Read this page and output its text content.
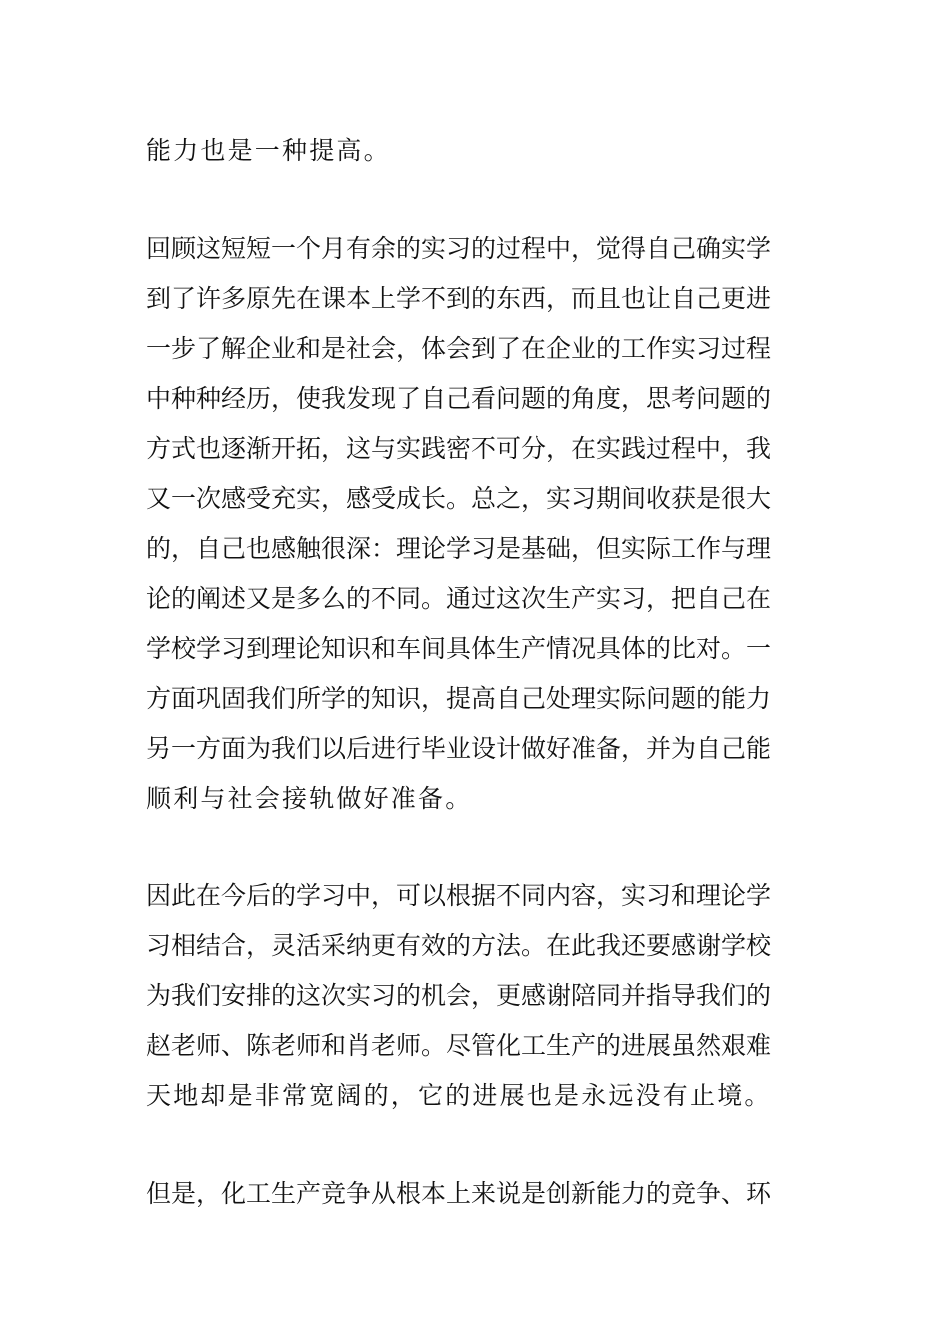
能力也是一种提高。
回顾这短短一个月有余的实习的过程中，觉得自己确实学
到了许多原先在课本上学不到的东西，而且也让自己更进
一步了解企业和是社会，体会到了在企业的工作实习过程
中种种经历，使我发现了自己看问题的角度，思考问题的
方式也逐渐开拓，这与实践密不可分，在实践过程中，我
又一次感受充实，感受成长。总之，实习期间收获是很大
的，自己也感触很深：理论学习是基础，但实际工作与理
论的阐述又是多么的不同。通过这次生产实习，把自己在
学校学习到理论知识和车间具体生产情况具体的比对。一
方面巩固我们所学的知识，提高自己处理实际问题的能力
另一方面为我们以后进行毕业设计做好准备，并为自己能
顺利与社会接轨做好准备。
因此在今后的学习中，可以根据不同内容，实习和理论学
习相结合，灵活采纳更有效的方法。在此我还要感谢学校
为我们安排的这次实习的机会，更感谢陪同并指导我们的
赵老师、陈老师和肖老师。尽管化工生产的进展虽然艰难
天地却是非常宽阔的，它的进展也是永远没有止境。
但是，化工生产竞争从根本上来说是创新能力的竞争、环
